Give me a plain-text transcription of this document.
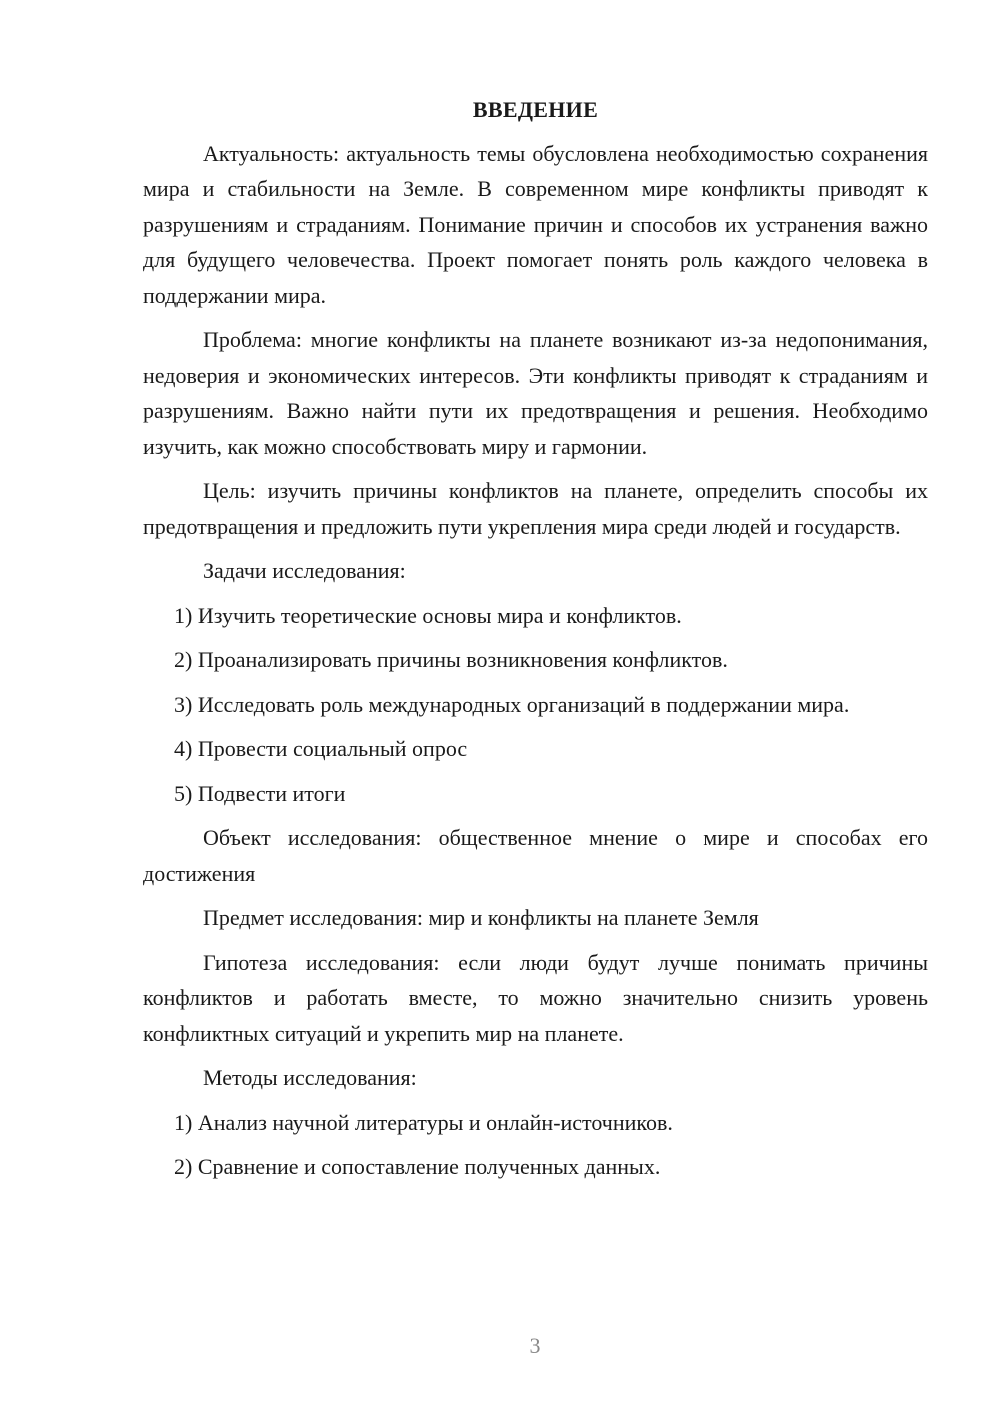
ВВЕДЕНИЕ

Актуальность: актуальность темы обусловлена необходимостью сохранения мира и стабильности на Земле. В современном мире конфликты приводят к разрушениям и страданиям. Понимание причин и способов их устранения важно для будущего человечества. Проект помогает понять роль каждого человека в поддержании мира.

Проблема: многие конфликты на планете возникают из-за недопонимания, недоверия и экономических интересов. Эти конфликты приводят к страданиям и разрушениям. Важно найти пути их предотвращения и решения. Необходимо изучить, как можно способствовать миру и гармонии.

Цель: изучить причины конфликтов на планете, определить способы их предотвращения и предложить пути укрепления мира среди людей и государств.

Задачи исследования:

1) Изучить теоретические основы мира и конфликтов.

2) Проанализировать причины возникновения конфликтов.

3) Исследовать роль международных организаций в поддержании мира.

4) Провести социальный опрос

5) Подвести итоги

Объект исследования: общественное мнение о мире и способах его достижения

Предмет исследования: мир и конфликты на планете Земля

Гипотеза исследования: если люди будут лучше понимать причины конфликтов и работать вместе, то можно значительно снизить уровень конфликтных ситуаций и укрепить мир на планете.

Методы исследования:

1) Анализ научной литературы и онлайн-источников.

2) Сравнение и сопоставление полученных данных.

3
